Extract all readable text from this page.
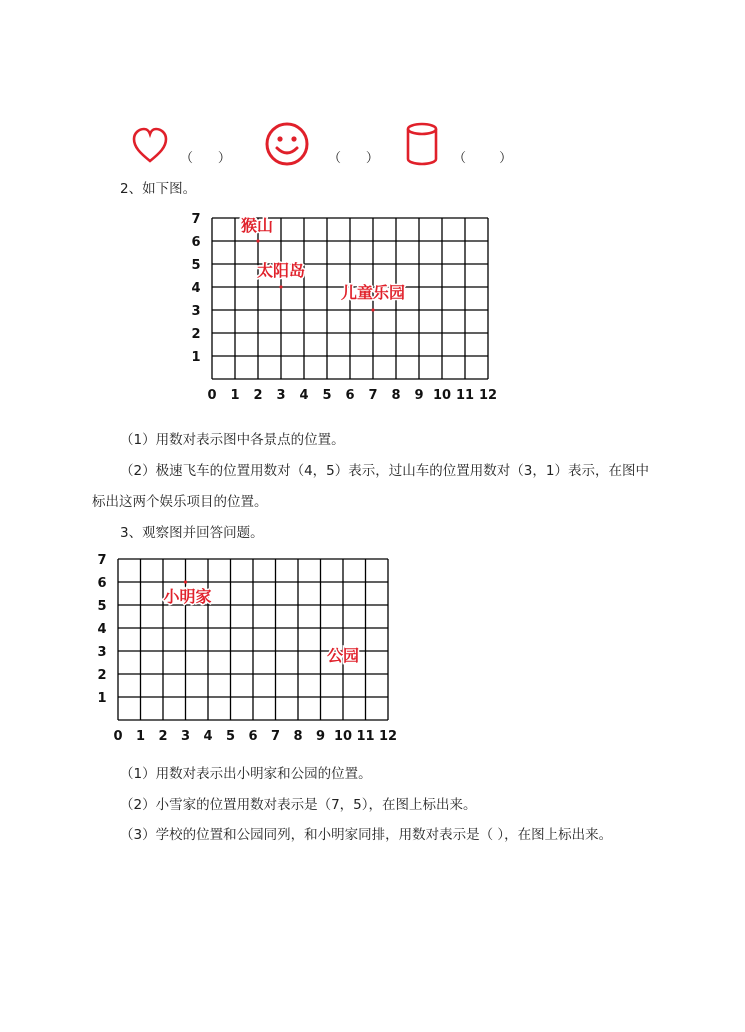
（ ）	（ ）	（	）
2、如下图。
0 1 2 3 4 5 6 7 8 9 10 11 12
1
2
3
4
5
6
7	猴山
太阳岛
儿童乐园
（1）用数对表示图中各景点的位置。
（2）极速飞车的位置用数对（4，5）表示，过山车的位置用数对（3，1）表示，在图中
标出这两个娱乐项目的位置。
3、观察图并回答问题。
0 1 2 3 4 5 6 7 8 9 10 11 12
1
2
3
4
5
6
7
小明家
公园
（1）用数对表示出小明家和公园的位置。
（2）小雪家的位置用数对表示是（7，5），在图上标出来。
（3）学校的位置和公园同列，和小明家同排，用数对表示是（ ），在图上标出来。
